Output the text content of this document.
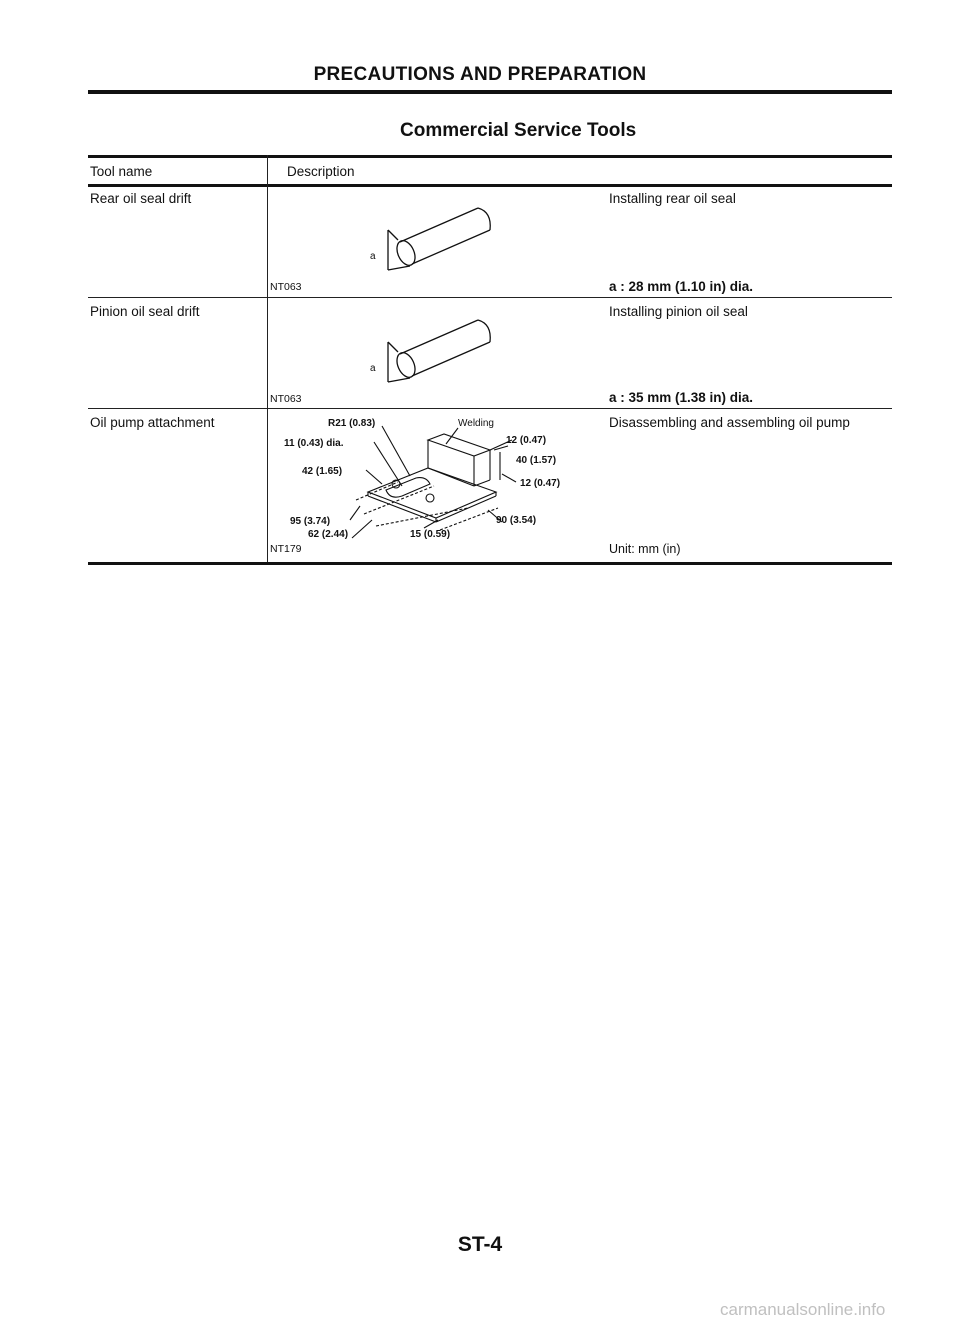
PRECAUTIONS AND PREPARATION
Commercial Service Tools
Tool name	Description
Rear oil seal drift	Installing rear oil seal
a
NT063	a : 28 mm (1.10 in) dia.
Pinion oil seal drift	Installing pinion oil seal
a
NT063	a : 35 mm (1.38 in) dia.
Oil pump attachment	Disassembling and assembling oil pump
R21 (0.83)
11 (0.43) dia.
42 (1.65)
95 (3.74)
62 (2.44)	15 (0.59)
90 (3.54)
12 (0.47)
40 (1.57)
12 (0.47)
Welding
NT179	Unit: mm (in)
ST-4
carmanualsonline.info
